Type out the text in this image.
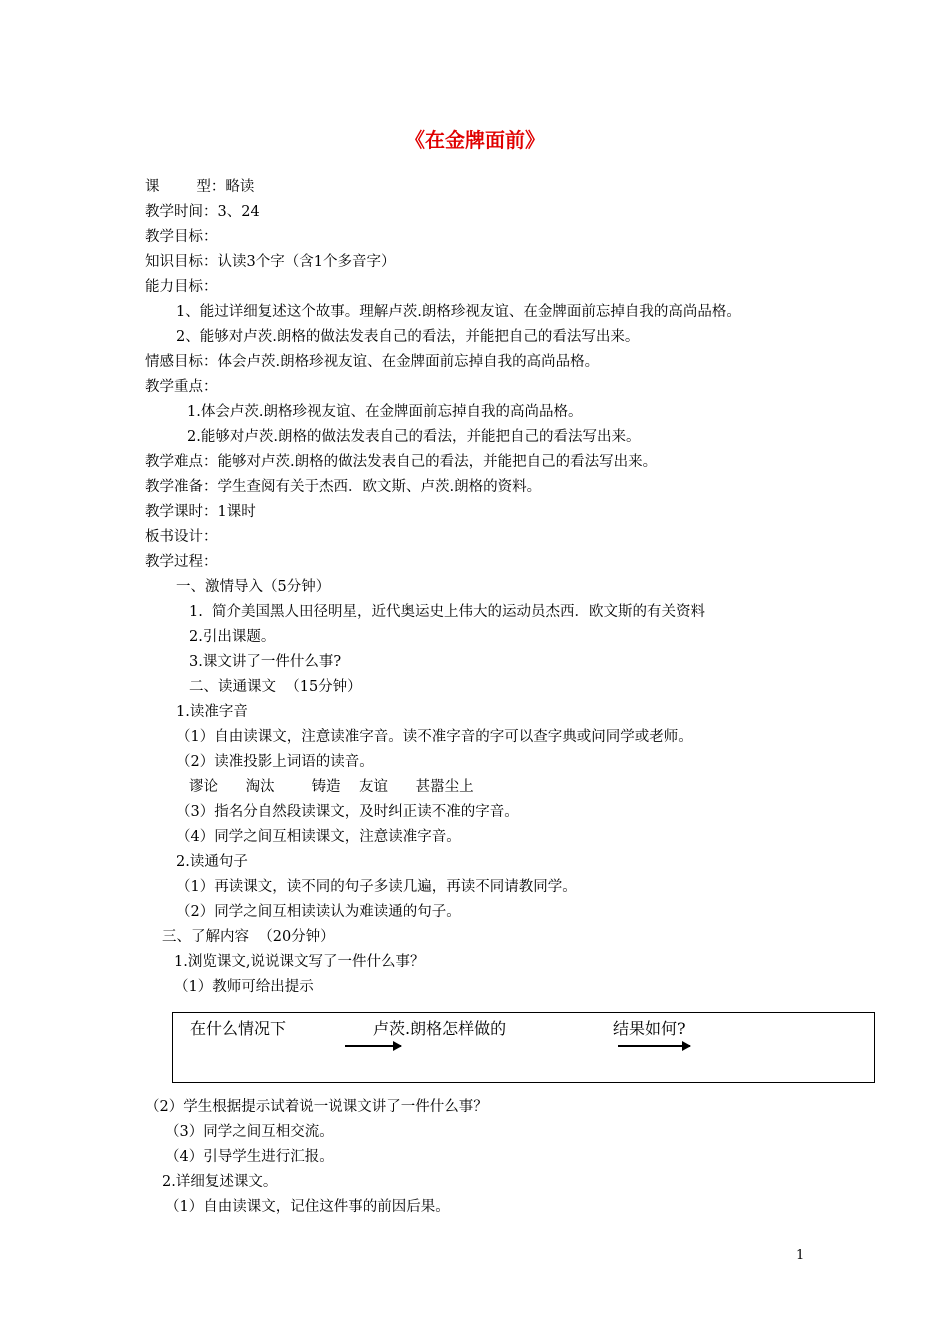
《在金牌面前》
课        型：略读
教学时间：3、24
教学目标：
知识目标：认读3个字（含1个多音字）
能力目标：
1、能过详细复述这个故事。理解卢茨.朗格珍视友谊、在金牌面前忘掉自我的高尚品格。
2、能够对卢茨.朗格的做法发表自己的看法，并能把自己的看法写出来。
情感目标：体会卢茨.朗格珍视友谊、在金牌面前忘掉自我的高尚品格。
教学重点：
1.体会卢茨.朗格珍视友谊、在金牌面前忘掉自我的高尚品格。
2.能够对卢茨.朗格的做法发表自己的看法，并能把自己的看法写出来。
教学难点：能够对卢茨.朗格的做法发表自己的看法，并能把自己的看法写出来。
教学准备：学生查阅有关于杰西．欧文斯、卢茨.朗格的资料。
教学课时：1课时
板书设计：
教学过程：
一、激情导入（5分钟）
1.  简介美国黑人田径明星，近代奥运史上伟大的运动员杰西．欧文斯的有关资料
2.引出课题。
3.课文讲了一件什么事?
二、读通课文  （15分钟）
1.读准字音
（1）自由读课文，注意读准字音。读不准字音的字可以查字典或问同学或老师。
（2）读准投影上词语的读音。
谬论      淘汰        铸造    友谊      甚嚣尘上
（3）指名分自然段读课文，及时纠正读不准的字音。
（4）同学之间互相读课文，注意读准字音。
2.读通句子
（1）再读课文，读不同的句子多读几遍，再读不同请教同学。
（2）同学之间互相读读认为难读通的句子。
三、了解内容  （20分钟）
1.浏览课文,说说课文写了一件什么事？
（1）教师可给出提示
在什么情况下	卢茨.朗格怎样做的	结果如何?
（2）学生根据提示试着说一说课文讲了一件什么事？
（3）同学之间互相交流。
（4）引导学生进行汇报。
2.详细复述课文。
（1）自由读课文，记住这件事的前因后果。
1
